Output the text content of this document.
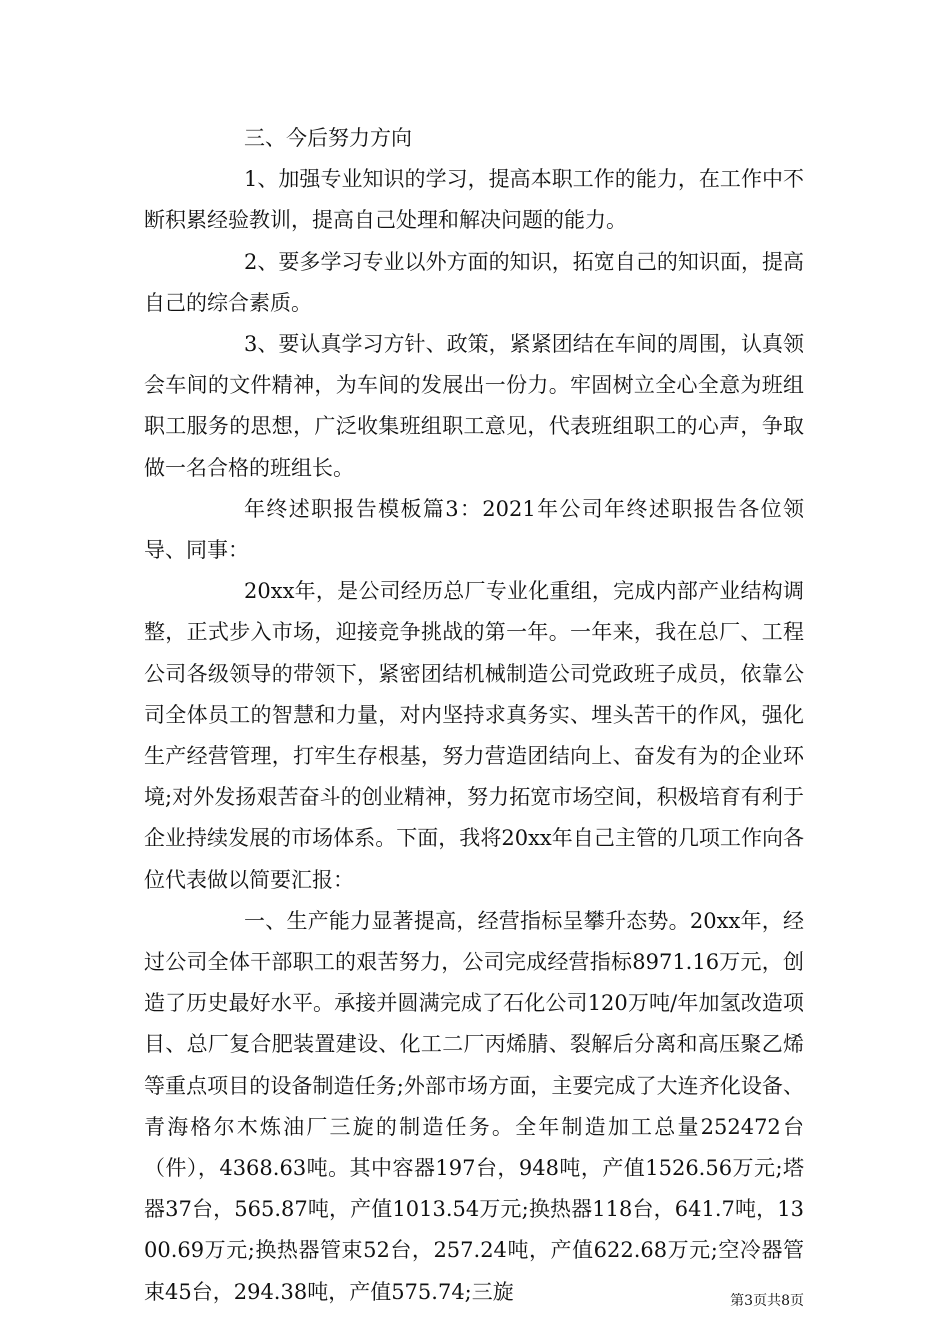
三、今后努力方向

1、加强专业知识的学习，提高本职工作的能力，在工作中不断积累经验教训，提高自己处理和解决问题的能力。

2、要多学习专业以外方面的知识，拓宽自己的知识面，提高自己的综合素质。

3、要认真学习方针、政策，紧紧团结在车间的周围，认真领会车间的文件精神，为车间的发展出一份力。牢固树立全心全意为班组职工服务的思想，广泛收集班组职工意见，代表班组职工的心声，争取做一名合格的班组长。

年终述职报告模板篇3：2021年公司年终述职报告各位领导、同事：

20xx年，是公司经历总厂专业化重组，完成内部产业结构调整，正式步入市场，迎接竞争挑战的第一年。一年来，我在总厂、工程公司各级领导的带领下，紧密团结机械制造公司党政班子成员，依靠公司全体员工的智慧和力量，对内坚持求真务实、埋头苦干的作风，强化生产经营管理，打牢生存根基，努力营造团结向上、奋发有为的企业环境;对外发扬艰苦奋斗的创业精神，努力拓宽市场空间，积极培育有利于企业持续发展的市场体系。下面，我将20xx年自己主管的几项工作向各位代表做以简要汇报：

一、生产能力显著提高，经营指标呈攀升态势。20xx年，经过公司全体干部职工的艰苦努力，公司完成经营指标8971.16万元，创造了历史最好水平。承接并圆满完成了石化公司120万吨/年加氢改造项目、总厂复合肥装置建设、化工二厂丙烯腈、裂解后分离和高压聚乙烯等重点项目的设备制造任务;外部市场方面，主要完成了大连齐化设备、青海格尔木炼油厂三旋的制造任务。全年制造加工总量252472台（件），4368.63吨。其中容器197台，948吨，产值1526.56万元;塔器37台，565.87吨，产值1013.54万元;换热器118台，641.7吨，1300.69万元;换热器管束52台，257.24吨，产值622.68万元;空冷器管束45台，294.38吨，产值575.74;三旋	第3页共8页
